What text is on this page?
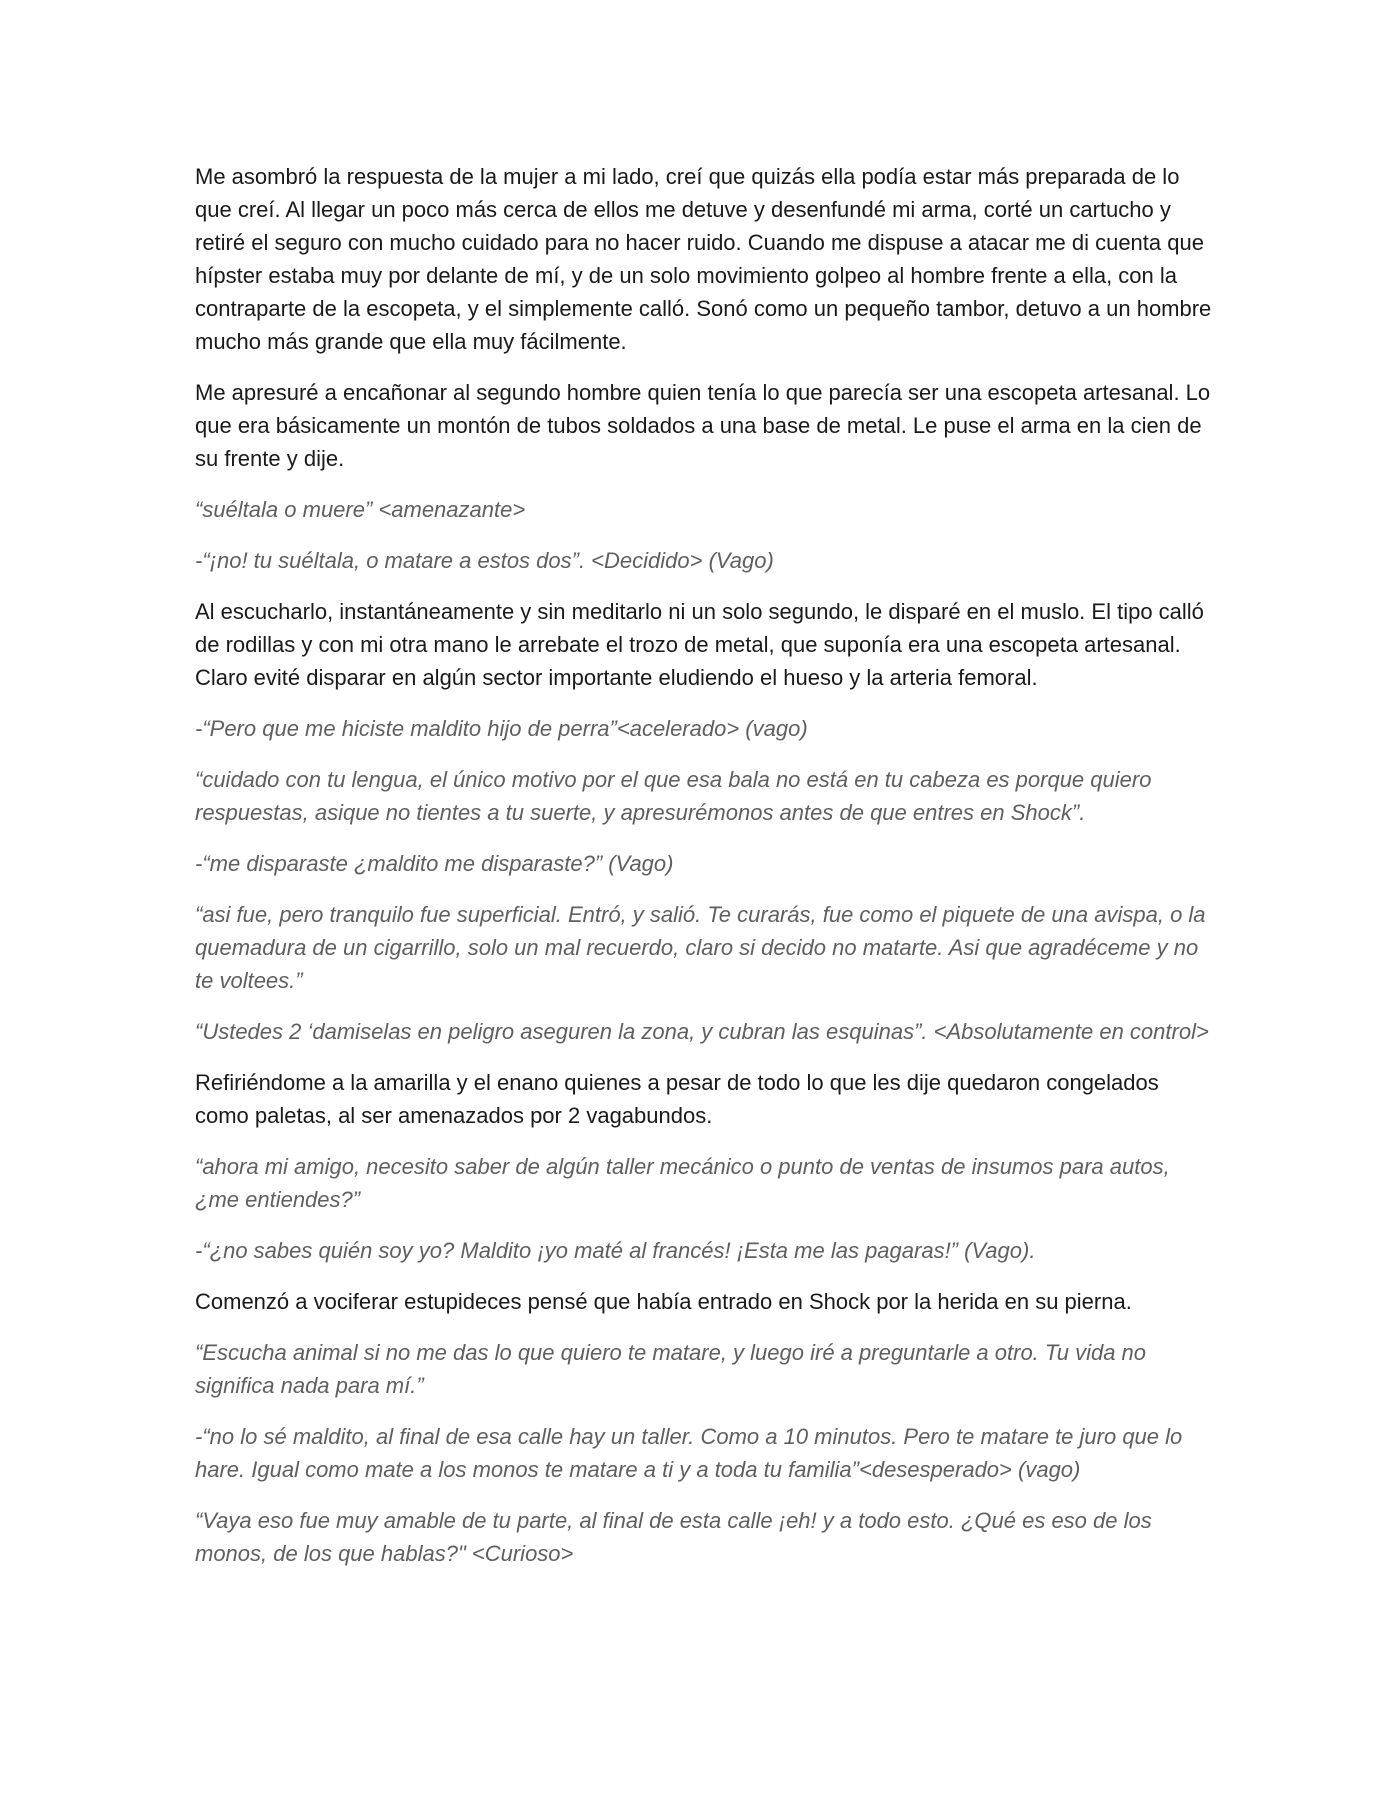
Me asombró la respuesta de la mujer a mi lado, creí que quizás ella podía estar más preparada de lo que creí. Al llegar un poco más cerca de ellos me detuve y desenfundé mi arma, corté un cartucho y retiré el seguro con mucho cuidado para no hacer ruido. Cuando me dispuse a atacar me di cuenta que hípster estaba muy por delante de mí, y de un solo movimiento golpeo al hombre frente a ella, con la contraparte de la escopeta, y el simplemente calló. Sonó como un pequeño tambor, detuvo a un hombre mucho más grande que ella muy fácilmente.

Me apresuré a encañonar al segundo hombre quien tenía lo que parecía ser una escopeta artesanal. Lo que era básicamente un montón de tubos soldados a una base de metal. Le puse el arma en la cien de su frente y dije.

“suéltala o muere” <amenazante>

-“¡no! tu suéltala, o matare a estos dos”. <Decidido> (Vago)

Al escucharlo, instantáneamente y sin meditarlo ni un solo segundo, le disparé en el muslo. El tipo calló de rodillas y con mi otra mano le arrebate el trozo de metal, que suponía era una escopeta artesanal. Claro evité disparar en algún sector importante eludiendo el hueso y la arteria femoral.

-“Pero que me hiciste maldito hijo de perra”<acelerado> (vago)

“cuidado con tu lengua, el único motivo por el que esa bala no está en tu cabeza es porque quiero respuestas, asique no tientes a tu suerte, y apresurémonos antes de que entres en Shock”.

-“me disparaste ¿maldito me disparaste?” (Vago)

“asi fue, pero tranquilo fue superficial. Entró, y salió. Te curarás, fue como el piquete de una avispa, o la quemadura de un cigarrillo, solo un mal recuerdo, claro si decido no matarte. Asi que agradéceme y no te voltees.”

“Ustedes 2 ‘damiselas en peligro aseguren la zona, y cubran las esquinas”. <Absolutamente en control>

Refiriéndome a la amarilla y el enano quienes a pesar de todo lo que les dije quedaron congelados como paletas, al ser amenazados por 2 vagabundos.

“ahora mi amigo, necesito saber de algún taller mecánico o punto de ventas de insumos para autos, ¿me entiendes?”

-“¿no sabes quién soy yo? Maldito ¡yo maté al francés! ¡Esta me las pagaras!” (Vago).

Comenzó a vociferar estupideces pensé que había entrado en Shock por la herida en su pierna.

“Escucha animal si no me das lo que quiero te matare, y luego iré a preguntarle a otro. Tu vida no significa nada para mí.”

-“no lo sé maldito, al final de esa calle hay un taller. Como a 10 minutos. Pero te matare te juro que lo hare. Igual como mate a los monos te matare a ti y a toda tu familia”<desesperado> (vago)

“Vaya eso fue muy amable de tu parte, al final de esta calle ¡eh! y a todo esto. ¿Qué es eso de los monos, de los que hablas?" <Curioso>
